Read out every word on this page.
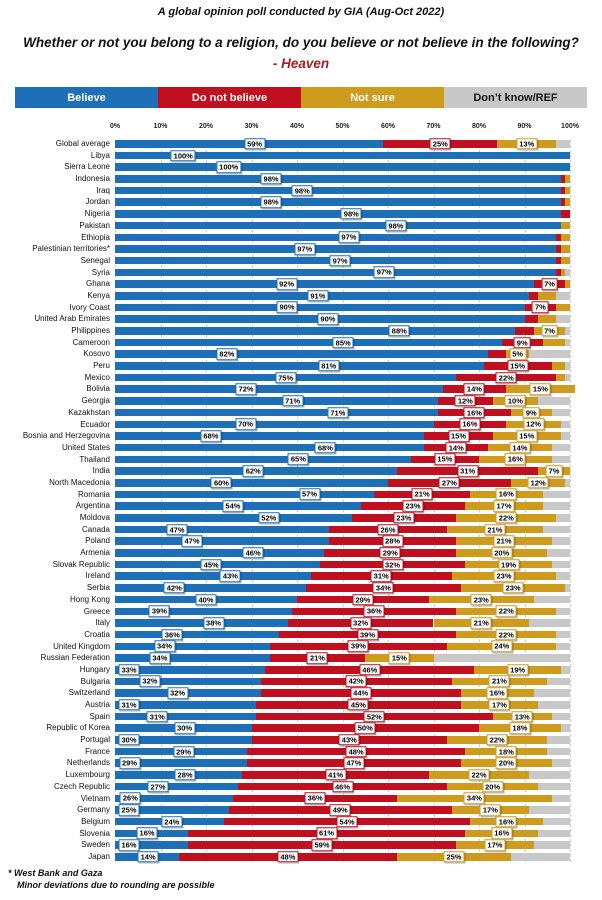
A global opinion poll conducted by GIA (Aug-Oct 2022)
Whether or not you belong to a religion, do you believe or not believe in the following? - Heaven
Believe	Do not believe	Not sure	Don’t know/REF
0%	10%	20%	30%	40%	50%	60%	70%	80%	90%	100%
Global average	59%	25%	13%
Libya	100%
Sierra Leone	100%
Indonesia	98%
Iraq	98%
Jordan	98%
Nigeria	98%
Pakistan	98%
Ethiopia	97%
Palestinian territories*	97%
Senegal	97%
Syria	97%
Ghana	92%	7%
Kenya	91%
Ivory Coast	90%	7%
United Arab Emirates	90%
Philippines	88%	7%
Cameroon	85%	9%
Kosovo	82%	5%
Peru	81%	15%
Mexico	75%	22%
Bolivia	72%	14%	15%
Georgia	71%	12%	10%
Kazakhstan	71%	16%	9%
Ecuador	70%	16%	12%
Bosnia and Herzegovina	68%	15%	15%
United States	68%	14%	14%
Thailand	65%	15%	16%
India	62%	31%	7%
North Macedonia	60%	27%	12%
Romania	57%	21%	16%
Argentina	54%	23%	17%
Moldova	52%	23%	22%
Canada	47%	26%	21%
Poland	47%	28%	21%
Armenia	46%	29%	20%
Slovak Republic	45%	32%	19%
Ireland	43%	31%	23%
Serbia	42%	34%	23%
Hong Kong	40%	29%	23%
Greece	39%	36%	22%
Italy	38%	32%	21%
Croatia	36%	39%	22%
United Kingdom	34%	39%	24%
Russian Federation	34%	21%	15%
Hungary	33%	46%	19%
Bulgaria	32%	42%	21%
Switzerland	32%	44%	16%
Austria	31%	45%	17%
Spain	31%	52%	13%
Republic of Korea	30%	50%	18%
Portugal	30%	43%	22%
France	29%	48%	18%
Netherlands	29%	47%	20%
Luxembourg	28%	41%	22%
Czech Republic	27%	46%	20%
Vietnam	26%	36%	34%
Germany	25%	49%	17%
Belgium	24%	54%	16%
Slovenia	16%	61%	16%
Sweden	16%	59%	17%
Japan	14%	48%	25%
* West Bank and Gaza
Minor deviations due to rounding are possible
